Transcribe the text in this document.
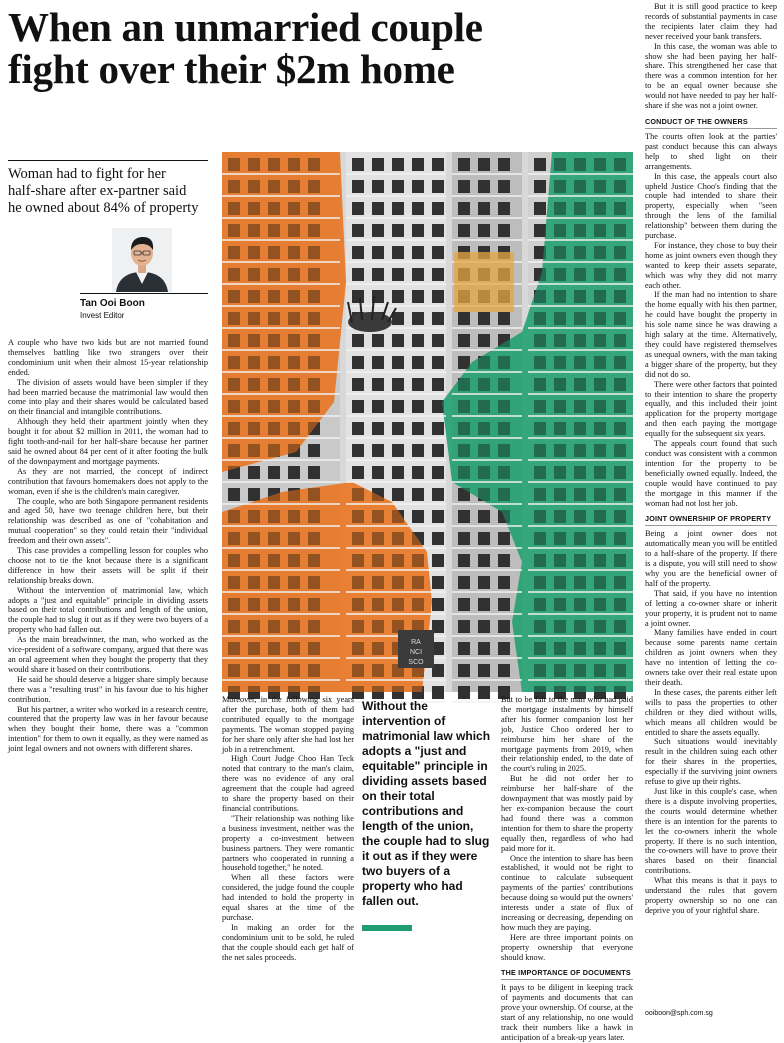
When an unmarried couple
fight over their $2m home
Woman had to fight for her
half-share after ex-partner said
he owned about 84% of property
Tan Ooi Boon
Invest Editor
RA
NCI
SCO

A couple who have two kids but are not married found themselves battling like two strangers over their condominium unit when their almost 15-year relationship ended.

The division of assets would have been simpler if they had been married because the matrimonial law would then come into play and their shares would be calculated based on their financial and intangible contributions.

Although they held their apartment jointly when they bought it for about $2 million in 2011, the woman had to fight tooth-and-nail for her half-share because her partner said he owned about 84 per cent of it after footing the bulk of the downpayment and mortgage payments.

As they are not married, the concept of indirect contribution that favours homemakers does not apply to the woman, even if she is the children's main caregiver.

The couple, who are both Singapore permanent residents and aged 50, have two teenage children here, but their relationship was described as one of "cohabitation and mutual cooperation" so they could retain their "individual freedom and their own assets".

This case provides a compelling lesson for couples who choose not to tie the knot because there is a significant difference in how their assets will be split if their relationship breaks down.

Without the intervention of matrimonial law, which adopts a "just and equitable" principle in dividing assets based on their total contributions and length of the union, the couple had to slug it out as if they were two buyers of a property who had fallen out.

As the main breadwinner, the man, who worked as the vice-president of a software company, argued that there was an oral agreement when they bought the property that they would share it based on their contributions.

He said he should deserve a bigger share simply because there was a "resulting trust" in his favour due to his higher contribution.

But his partner, a writer who worked in a research centre, countered that the property law was in her favour because when they bought their home, there was a "common intention" for them to own it equally, as they were named as joint legal owners and not owners with different shares.

Moreover, in the following six years after the purchase, both of them had contributed equally to the mortgage payments. The woman stopped paying for her share only after she had lost her job in a retrenchment.

High Court Judge Choo Han Teck noted that contrary to the man's claim, there was no evidence of any oral agreement that the couple had agreed to share the property based on their financial contributions.

"Their relationship was nothing like a business investment, neither was the property a co-investment between business partners. They were romantic partners who cooperated in running a household together," he noted.

When all these factors were considered, the judge found the couple had intended to hold the property in equal shares at the time of the purchase.

In making an order for the condominium unit to be sold, he ruled that the couple should each get half of the net sales proceeds.

Without the intervention of matrimonial law which adopts a "just and equitable" principle in dividing assets based on their total contributions and length of the union, the couple had to slug it out as if they were two buyers of a property who had fallen out.

But to be fair to the man who had paid the mortgage instalments by himself after his former companion lost her job, Justice Choo ordered her to reimburse him her share of the mortgage payments from 2019, when their relationship ended, to the date of the court's ruling in 2025.

But he did not order her to reimburse her half-share of the downpayment that was mostly paid by her ex-companion because the court had found there was a common intention for them to share the property equally then, regardless of who had paid more for it.

Once the intention to share has been established, it would not be right to continue to calculate subsequent payments of the parties' contributions because doing so would put the owners' interests under a state of flux of increasing or decreasing, depending on how much they are paying.

Here are three important points on property ownership that everyone should know.

THE IMPORTANCE OF DOCUMENTS

It pays to be diligent in keeping track of payments and documents that can prove your ownership. Of course, at the start of any relationship, no one would track their numbers like a hawk in anticipation of a break-up years later.

But it is still good practice to keep records of substantial payments in case the recipients later claim they had never received your bank transfers.

In this case, the woman was able to show she had been paying her half-share. This strengthened her case that there was a common intention for her to be an equal owner because she would not have needed to pay her half-share if she was not a joint owner.

CONDUCT OF THE OWNERS

The courts often look at the parties' past conduct because this can always help to shed light on their arrangements.

In this case, the appeals court also upheld Justice Choo's finding that the couple had intended to share their property, especially when "seen through the lens of the familial relationship" between them during the purchase.

For instance, they chose to buy their home as joint owners even though they wanted to keep their assets separate, which was why they did not marry each other.

If the man had no intention to share the home equally with his then partner, he could have bought the property in his sole name since he was drawing a high salary at the time. Alternatively, they could have registered themselves as unequal owners, with the man taking a bigger share of the property, but they did not do so.

There were other factors that pointed to their intention to share the property equally, and this included their joint application for the property mortgage and then each paying the mortgage equally for the subsequent six years.

The appeals court found that such conduct was consistent with a common intention for the property to be beneficially owned equally. Indeed, the couple would have continued to pay the mortgage in this manner if the woman had not lost her job.

JOINT OWNERSHIP OF PROPERTY

Being a joint owner does not automatically mean you will be entitled to a half-share of the property. If there is a dispute, you will still need to show why you are the beneficial owner of half of the property.

That said, if you have no intention of letting a co-owner share or inherit your property, it is prudent not to name a joint owner.

Many families have ended in court because some parents name certain children as joint owners when they have no intention of letting the co-owners take over their real estate upon their death.

In these cases, the parents either left wills to pass the properties to other children or they died without wills, which means all children would be entitled to share the assets equally.

Such situations would inevitably result in the children suing each other for their shares in the properties, especially if the surviving joint owners refuse to give up their rights.

Just like in this couple's case, when there is a dispute involving properties, the courts would determine whether there is an intention for the parents to let the co-owners inherit the whole property. If there is no such intention, the co-owners will have to prove their shares based on their financial contributions.

What this means is that it pays to understand the rules that govern property ownership so no one can deprive you of your rightful share.

ooiboon@sph.com.sg
